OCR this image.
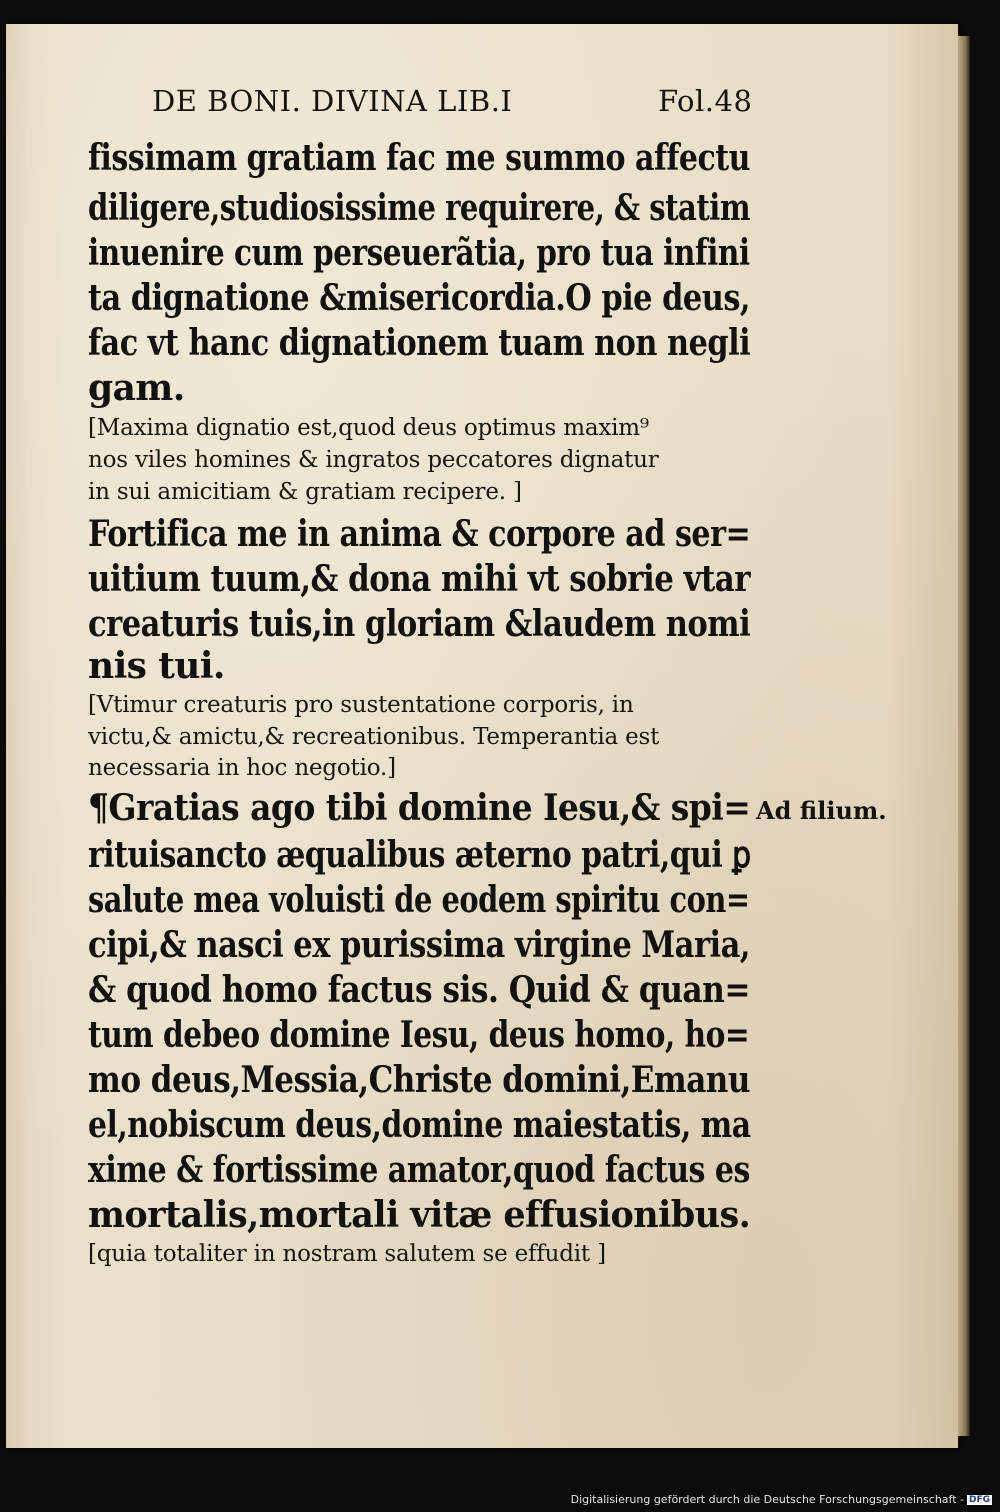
DE BONI. DIVINA LIB.I	Fol.48
fissimam gratiam fac me summo affectu
diligere,studiosissime requirere, & statim
inuenire cum perseuerãtia, pro tua infini
ta dignatione &misericordia.O pie deus,
fac vt hanc dignationem tuam non negli
gam.
[Maxima dignatio est,quod deus optimus maxim⁹
nos viles homines & ingratos peccatores dignatur
in sui amicitiam & gratiam recipere. ]
Fortifica me in anima & corpore ad ser=
uitium tuum,& dona mihi vt sobrie vtar
creaturis tuis,in gloriam &laudem nomi
nis tui.
[Vtimur creaturis pro sustentatione corporis, in
victu,& amictu,& recreationibus. Temperantia est
necessaria in hoc negotio.]
¶Gratias ago tibi domine Iesu,& spi=
rituisancto æqualibus æterno patri,qui ꝑ
salute mea voluisti de eodem spiritu con=
cipi,& nasci ex purissima virgine Maria,
& quod homo factus sis. Quid & quan=
tum debeo domine Iesu, deus homo, ho=
mo deus,Messia,Christe domini,Emanu
el,nobiscum deus,domine maiestatis, ma
xime & fortissime amator,quod factus es
mortalis,mortali vitæ effusionibus.
[quia totaliter in nostram salutem se effudit ]
Ad filium.
Digitalisierung gefördert durch die Deutsche Forschungsgemeinschaft - DFG
